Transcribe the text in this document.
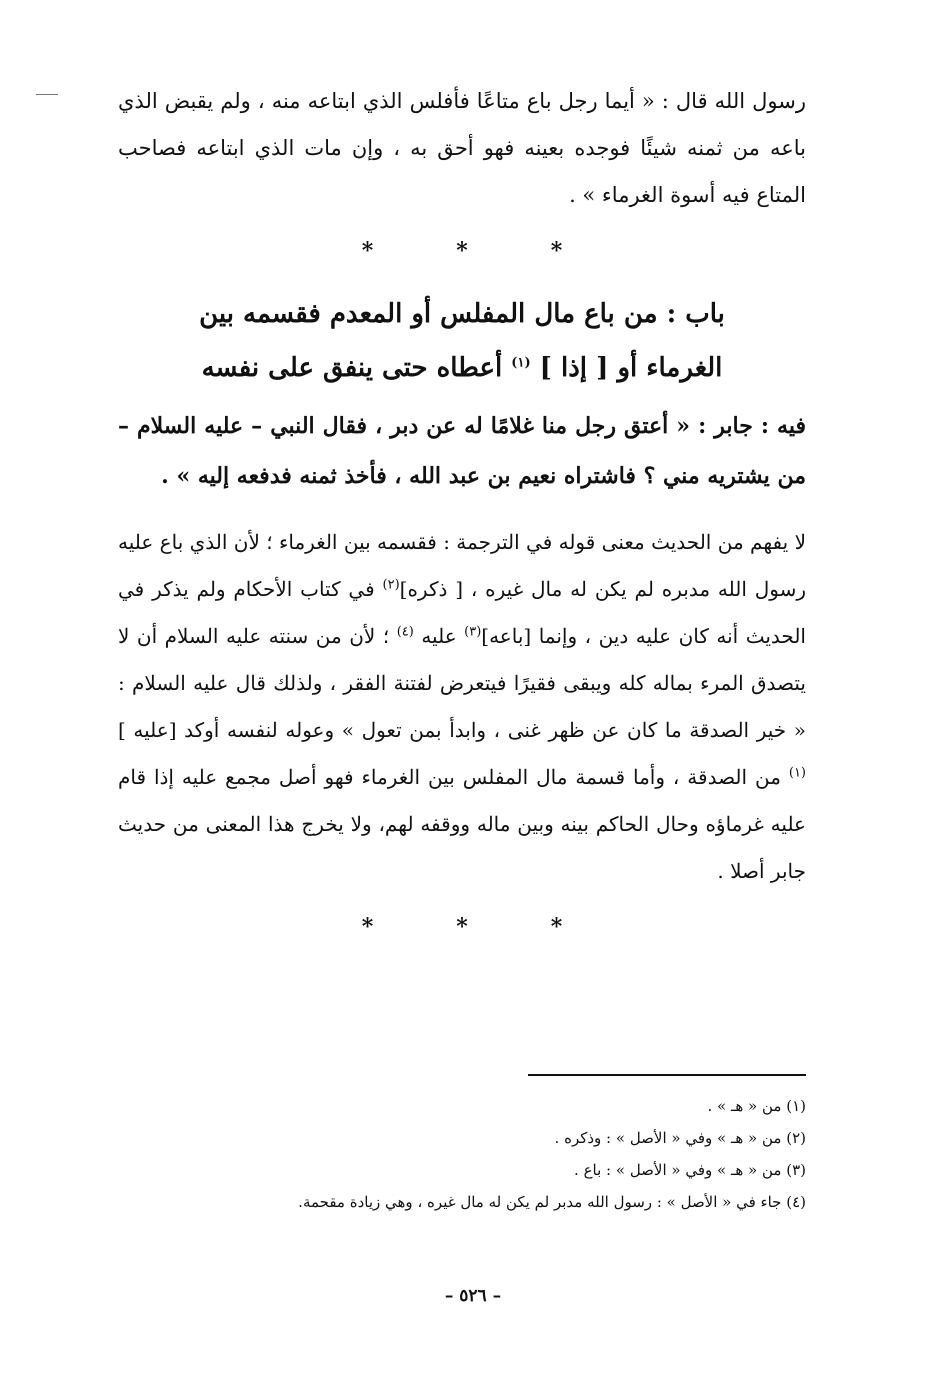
رسول الله قال : « أيما رجل باع متاعًا فأفلس الذي ابتاعه منه ، ولم يقبض الذي باعه من ثمنه شيئًا فوجده بعينه فهو أحق به ، وإن مات الذي ابتاعه فصاحب المتاع فيه أسوة الغرماء » .

*	*	*
باب : من باع مال المفلس أو المعدم فقسمه بين الغرماء أو [ إذا ] $^{(١)}$ أعطاه حتى ينفق على نفسه

فيه : جابر : « أعتق رجل منا غلامًا له عن دبر ، فقال النبي – عليه السلام – من يشتريه مني ؟ فاشتراه نعيم بن عبد الله ، فأخذ ثمنه فدفعه إليه » .

لا يفهم من الحديث معنى قوله في الترجمة : فقسمه بين الغرماء ؛ لأن الذي باع عليه رسول الله مدبره لم يكن له مال غيره ، [ ذكره]$^{(٢)}$ في كتاب الأحكام ولم يذكر في الحديث أنه كان عليه دين ، وإنما [باعه]$^{(٣)}$ عليه $^{(٤)}$ ؛ لأن من سنته عليه السلام أن لا يتصدق المرء بماله كله ويبقى فقيرًا فيتعرض لفتنة الفقر ، ولذلك قال عليه السلام : « خير الصدقة ما كان عن ظهر غنى ، وابدأ بمن تعول » وعوله لنفسه أوكد [عليه ] $^{(١)}$ من الصدقة ، وأما قسمة مال المفلس بين الغرماء فهو أصل مجمع عليه إذا قام عليه غرماؤه وحال الحاكم بينه وبين ماله ووقفه لهم، ولا يخرج هذا المعنى من حديث جابر أصلا .

*	*	*

(١) من « هـ » .

(٢) من « هـ » وفي « الأصل » : وذكره .

(٣) من « هـ » وفي « الأصل » : باع .

(٤) جاء في « الأصل » : رسول الله مدبر لم يكن له مال غيره ، وهي زيادة مقحمة.

– ٥٢٦ –
